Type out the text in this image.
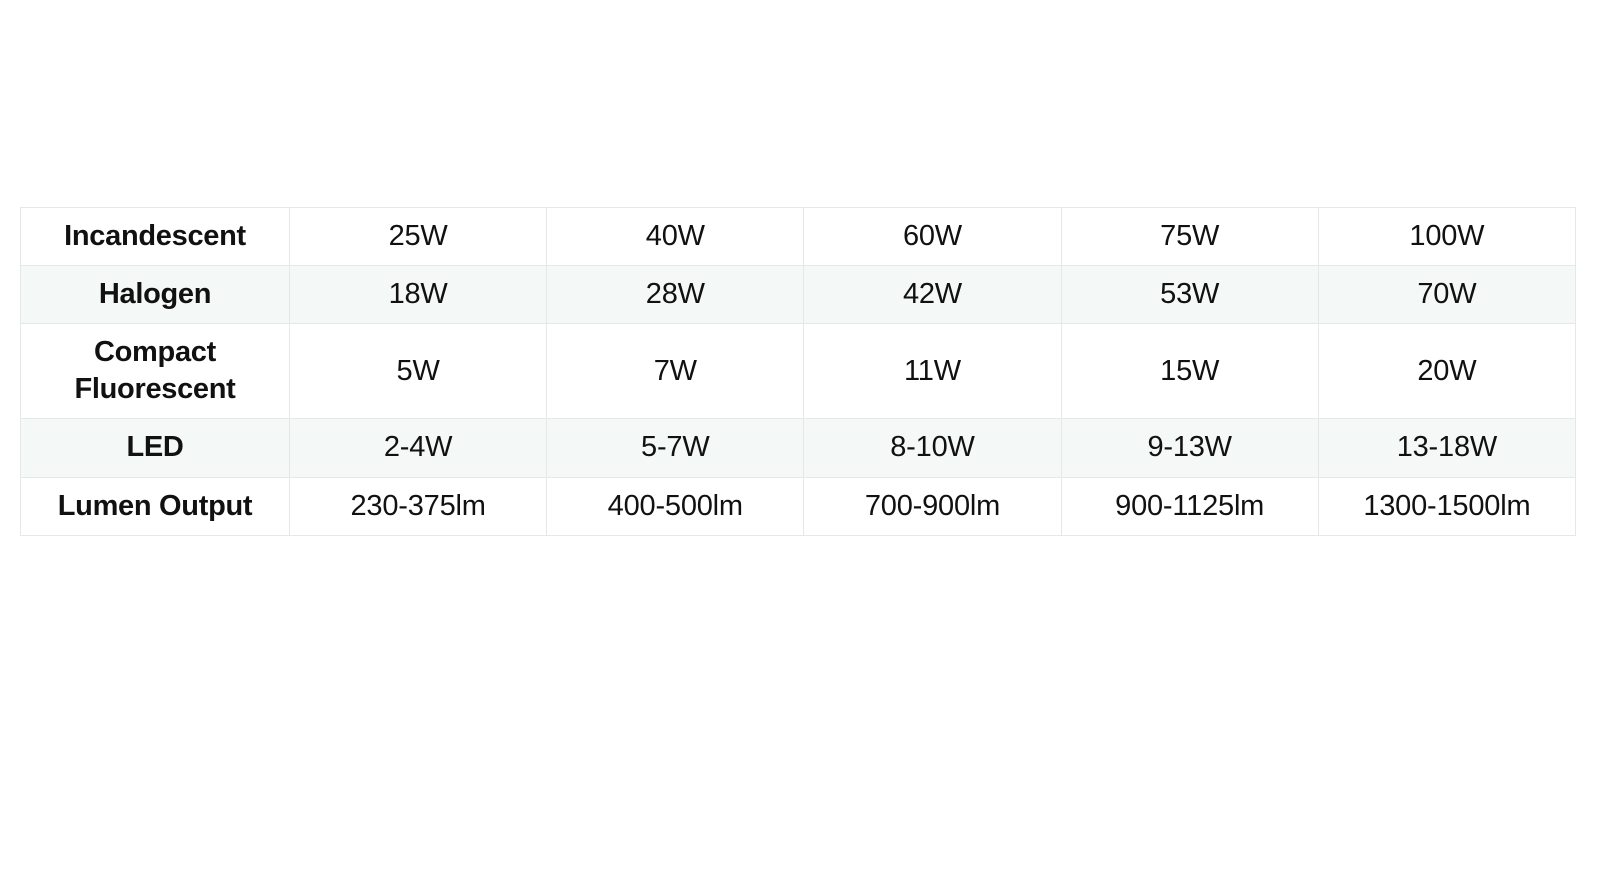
Incandescent	25W	40W	60W	75W	100W
Halogen	18W	28W	42W	53W	70W
Compact
Fluorescent	5W	7W	11W	15W	20W
LED	2-4W	5-7W	8-10W	9-13W	13-18W
Lumen Output	230-375lm	400-500lm	700-900lm	900-1125lm	1300-1500lm
